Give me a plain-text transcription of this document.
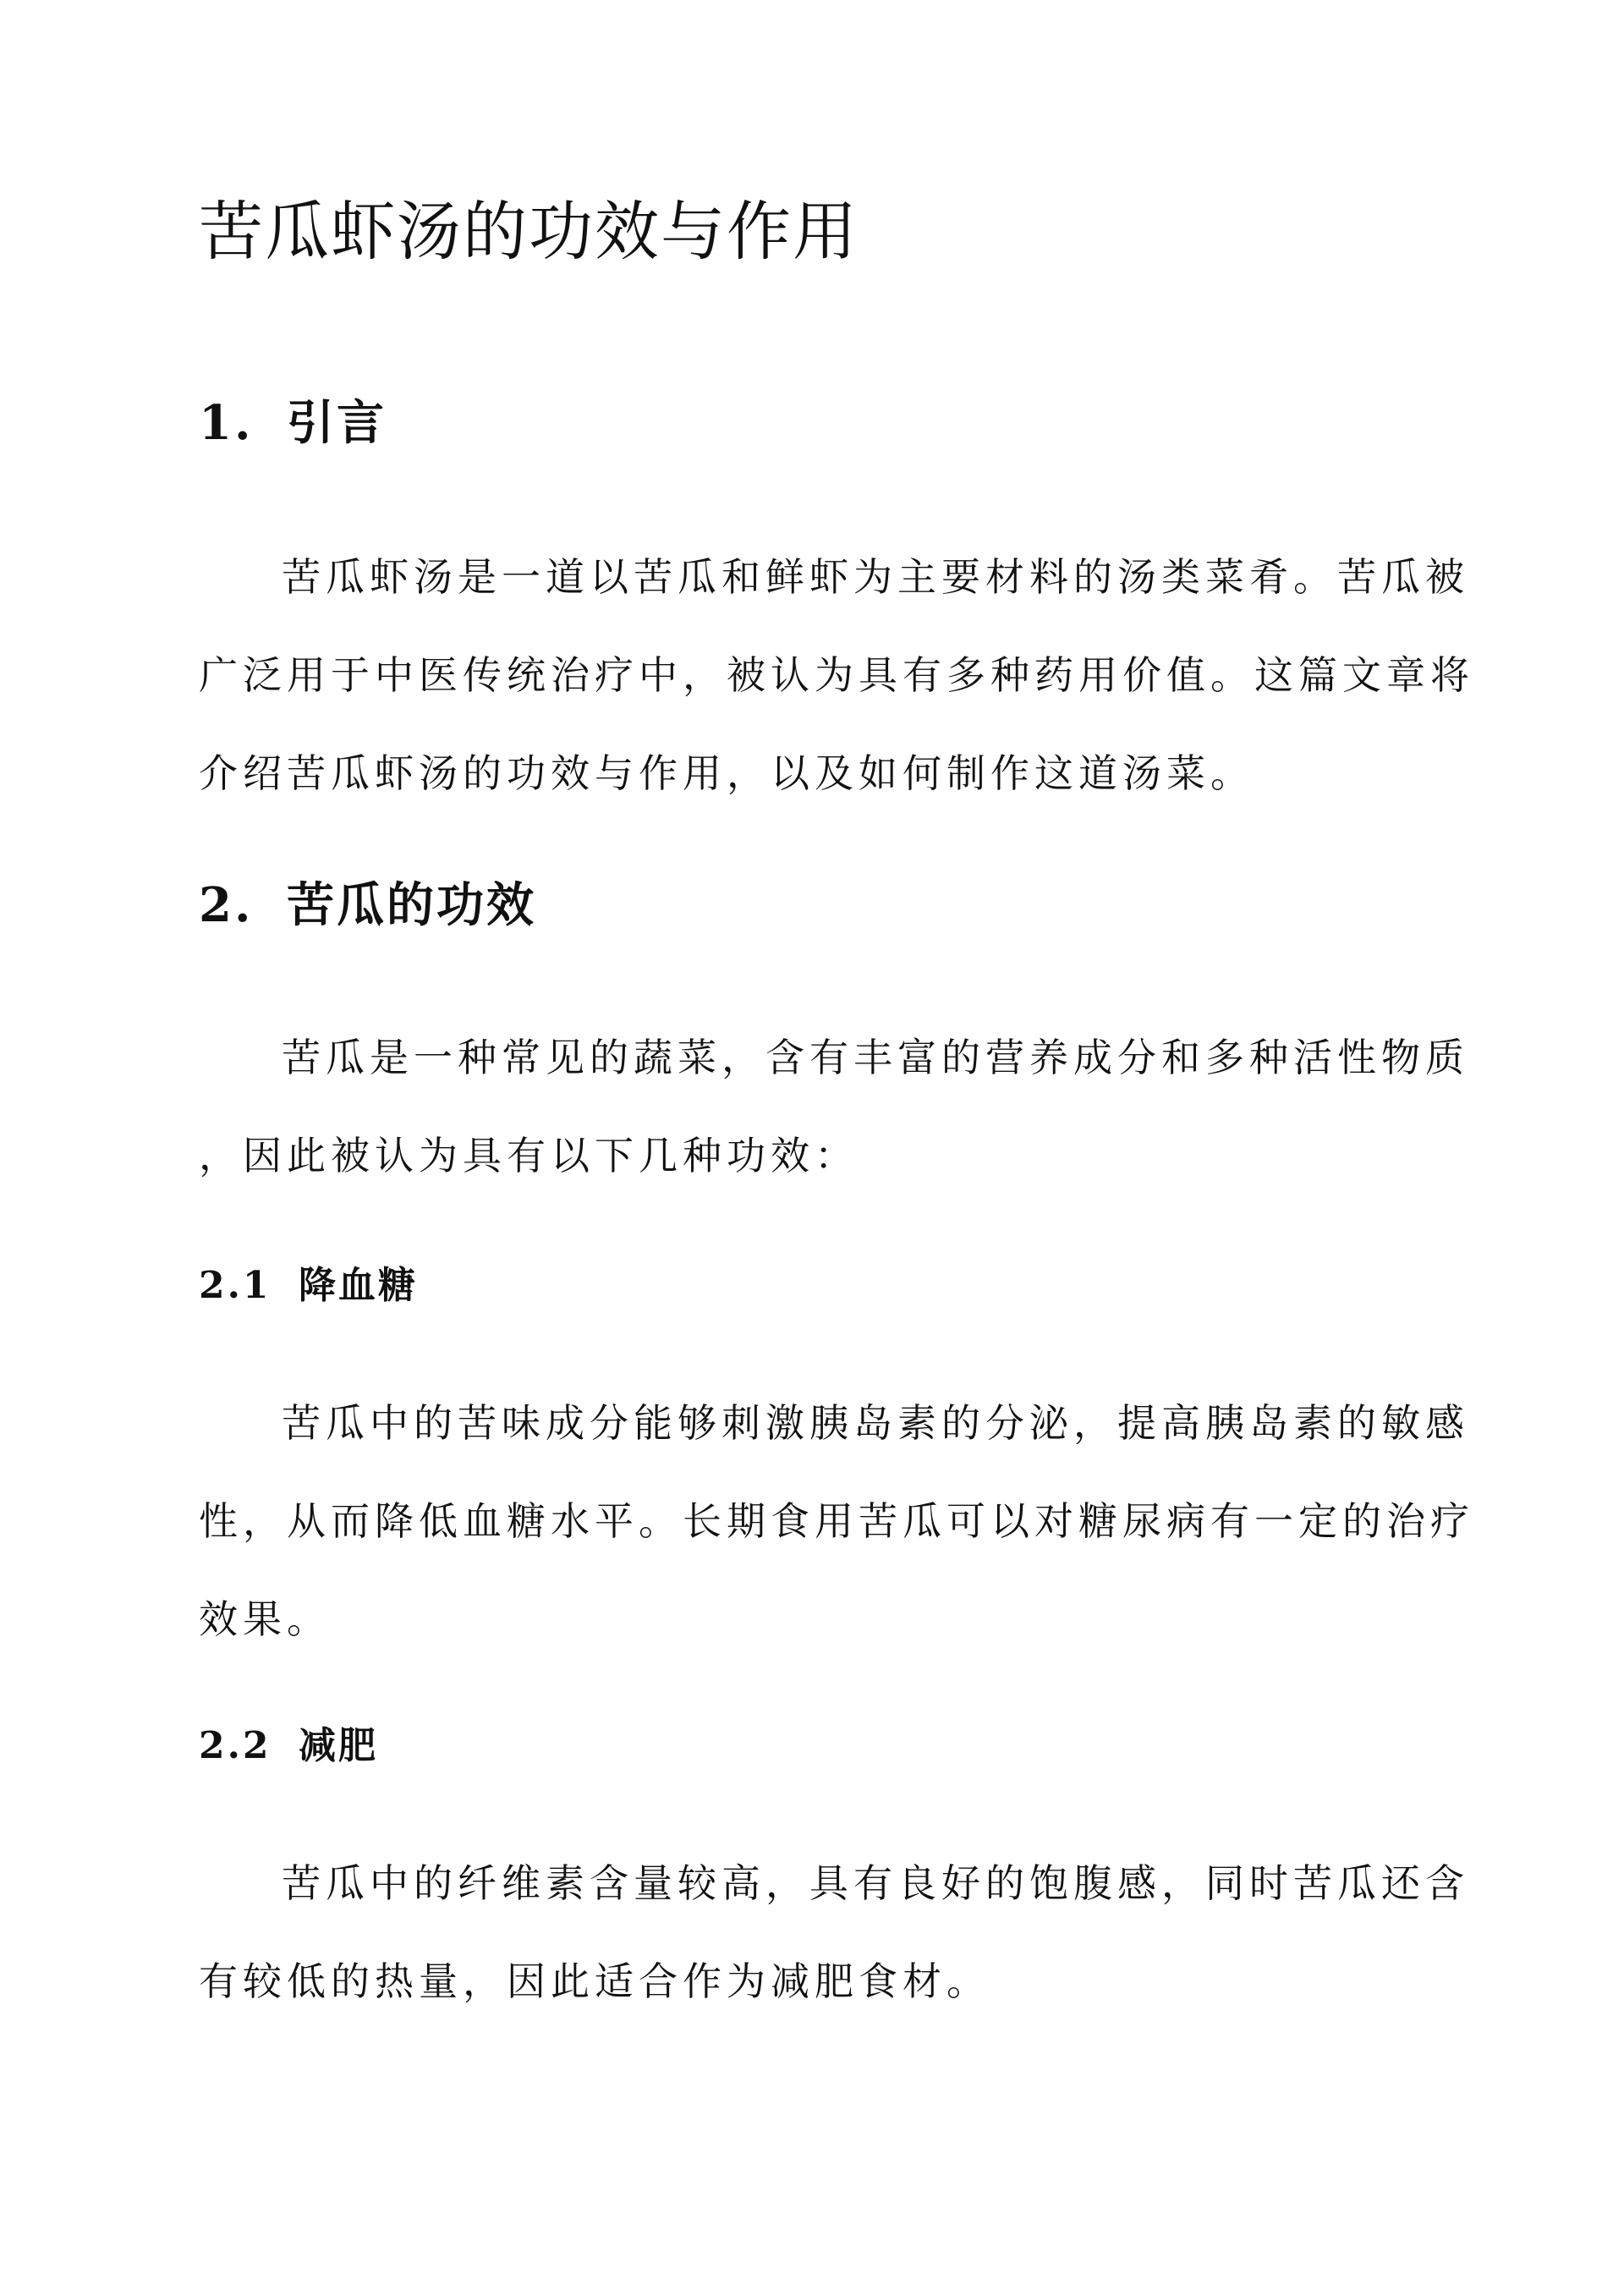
苦瓜虾汤的功效与作用
1. 引言
苦瓜虾汤是一道以苦瓜和鲜虾为主要材料的汤类菜肴。苦瓜被
广泛用于中医传统治疗中，被认为具有多种药用价值。这篇文章将
介绍苦瓜虾汤的功效与作用，以及如何制作这道汤菜。
2. 苦瓜的功效
苦瓜是一种常见的蔬菜，含有丰富的营养成分和多种活性物质
，因此被认为具有以下几种功效：
2.1 降血糖
苦瓜中的苦味成分能够刺激胰岛素的分泌，提高胰岛素的敏感
性，从而降低血糖水平。长期食用苦瓜可以对糖尿病有一定的治疗
效果。
2.2 减肥
苦瓜中的纤维素含量较高，具有良好的饱腹感，同时苦瓜还含
有较低的热量，因此适合作为减肥食材。
